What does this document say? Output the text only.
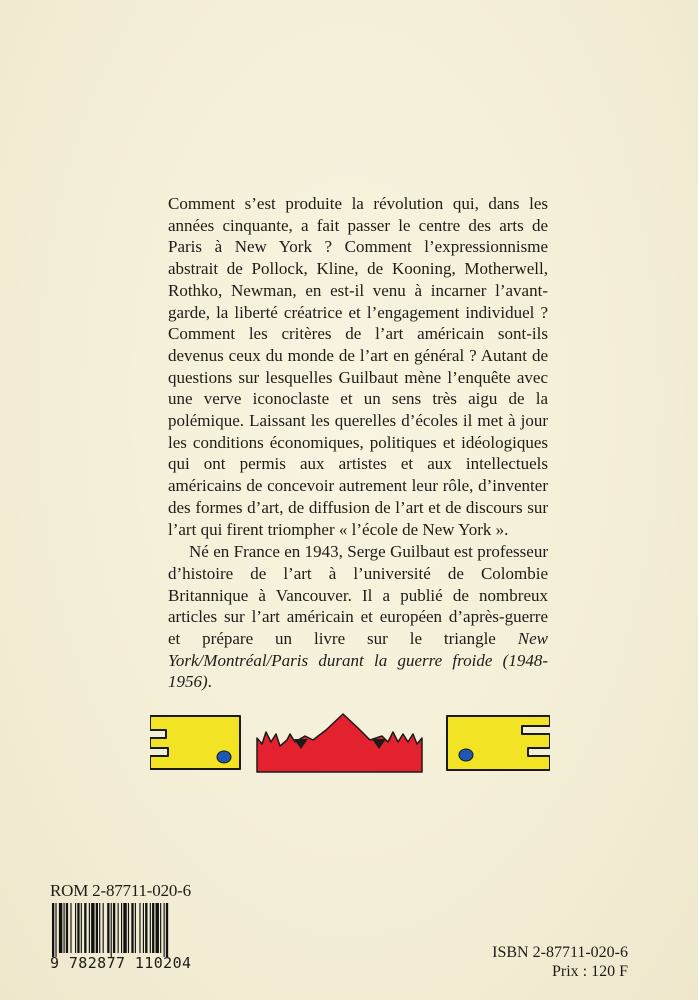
Comment s’est produite la révolution qui, dans les années cinquante, a fait passer le centre des arts de Paris à New York ? Comment l’expressionnisme abstrait de Pollock, Kline, de Kooning, Motherwell, Rothko, Newman, en est-il venu à incarner l’avant-garde, la liberté créatrice et l’engagement individuel ? Comment les critères de l’art américain sont-ils devenus ceux du monde de l’art en général ? Autant de questions sur lesquelles Guilbaut mène l’enquête avec une verve iconoclaste et un sens très aigu de la polémique. Laissant les querelles d’écoles il met à jour les conditions économiques, politiques et idéologiques qui ont permis aux artistes et aux intellectuels américains de concevoir autrement leur rôle, d’inventer des formes d’art, de diffusion de l’art et de discours sur l’art qui firent triompher « l’école de New York ».

Né en France en 1943, Serge Guilbaut est professeur d’histoire de l’art à l’université de Colombie Britannique à Vancouver. Il a publié de nombreux articles sur l’art américain et européen d’après-guerre et prépare un livre sur le triangle New York/Montréal/Paris durant la guerre froide (1948-1956).

ROM 2-87711-020-6
9 782877 110204
ISBN 2-87711-020-6
Prix : 120 F
